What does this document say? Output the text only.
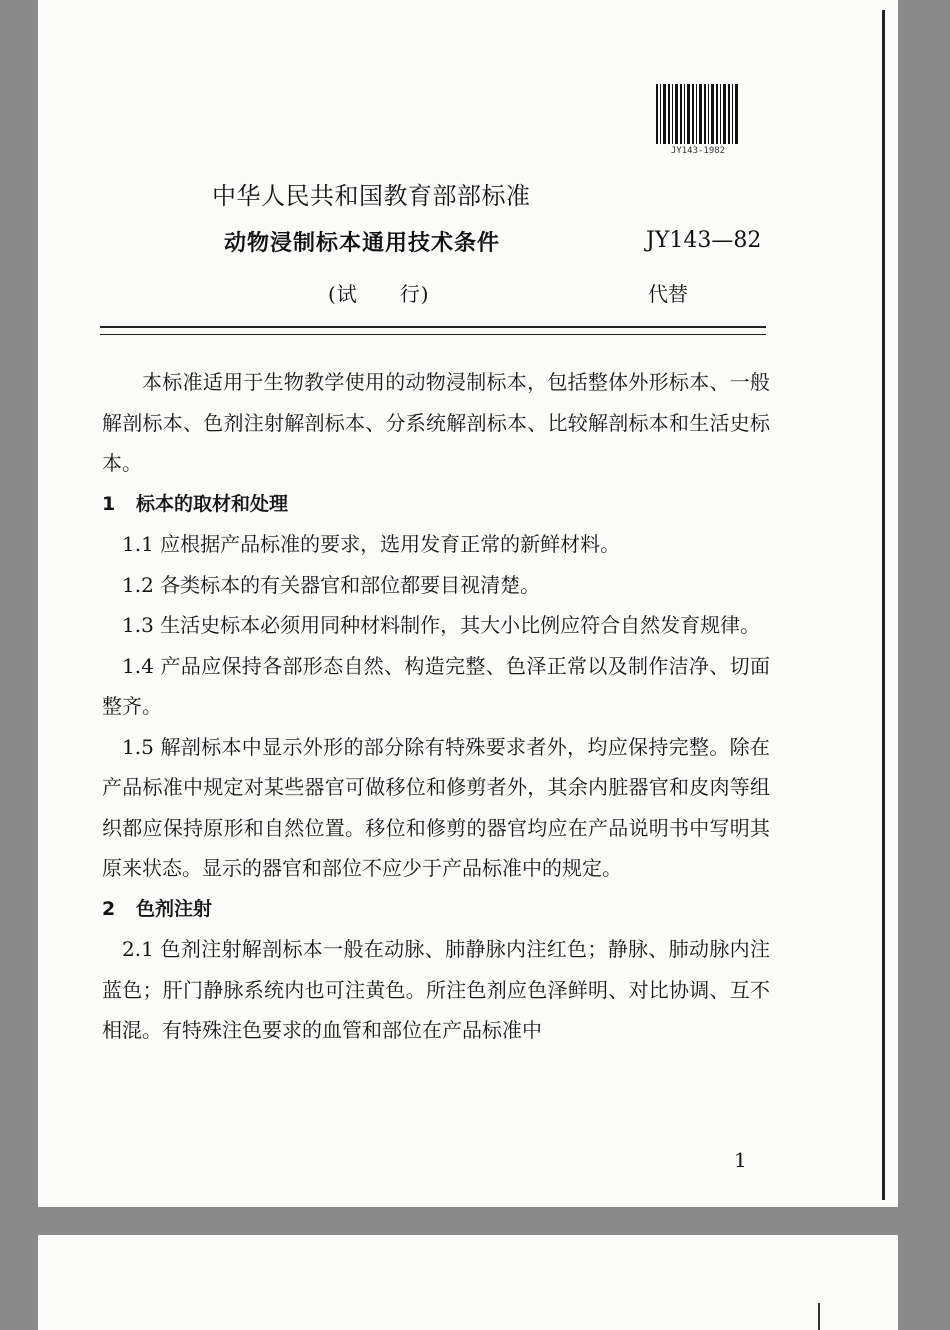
JY143-1982
中华人民共和国教育部部标准
动物浸制标本通用技术条件	JY143—82
(试　　行)	代替

本标准适用于生物教学使用的动物浸制标本，包括整体外形标本、一般解剖标本、色剂注射解剖标本、分系统解剖标本、比较解剖标本和生活史标本。

1 标本的取材和处理

1.1 应根据产品标准的要求，选用发育正常的新鲜材料。

1.2 各类标本的有关器官和部位都要目视清楚。

1.3 生活史标本必须用同种材料制作，其大小比例应符合自然发育规律。

1.4 产品应保持各部形态自然、构造完整、色泽正常以及制作洁净、切面整齐。

1.5 解剖标本中显示外形的部分除有特殊要求者外，均应保持完整。除在产品标准中规定对某些器官可做移位和修剪者外，其余内脏器官和皮肉等组织都应保持原形和自然位置。移位和修剪的器官均应在产品说明书中写明其原来状态。显示的器官和部位不应少于产品标准中的规定。

2 色剂注射

2.1 色剂注射解剖标本一般在动脉、肺静脉内注红色；静脉、肺动脉内注蓝色；肝门静脉系统内也可注黄色。所注色剂应色泽鲜明、对比协调、互不相混。有特殊注色要求的血管和部位在产品标准中

1
